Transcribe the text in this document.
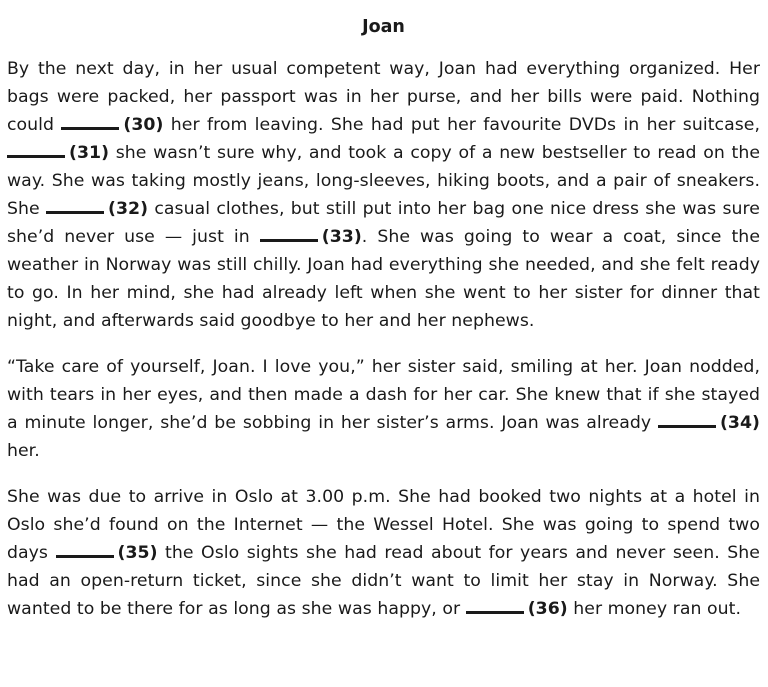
Joan

By the next day, in her usual competent way, Joan had everything organized. Her bags were packed, her passport was in her purse, and her bills were paid. Nothing could	(30) her from leaving. She had put her favourite DVDs in her suitcase, (31) she wasn’t sure why, and took a copy of a new bestseller to read on the way. She was taking mostly jeans, long-sleeves, hiking boots, and a pair of sneakers. She	(32) casual clothes, but still put into her bag one nice dress she was sure she’d never use — just in	(33). She was going to wear a coat, since the weather in Norway was still chilly. Joan had everything she needed, and she felt ready to go. In her mind, she had already left when she went to her sister for dinner that night, and afterwards said goodbye to her and her nephews.

“Take care of yourself, Joan. I love you,” her sister said, smiling at her. Joan nodded, with tears in her eyes, and then made a dash for her car. She knew that if she stayed a minute longer, she’d be sobbing in her sister’s arms. Joan was already	(34) her.

She was due to arrive in Oslo at 3.00 p.m. She had booked two nights at a hotel in Oslo she’d found on the Internet — the Wessel Hotel. She was going to spend two days	(35) the Oslo sights she had read about for years and never seen. She had an open-return ticket, since she didn’t want to limit her stay in Norway. She wanted to be there for as long as she was happy, or	(36) her money ran out.
